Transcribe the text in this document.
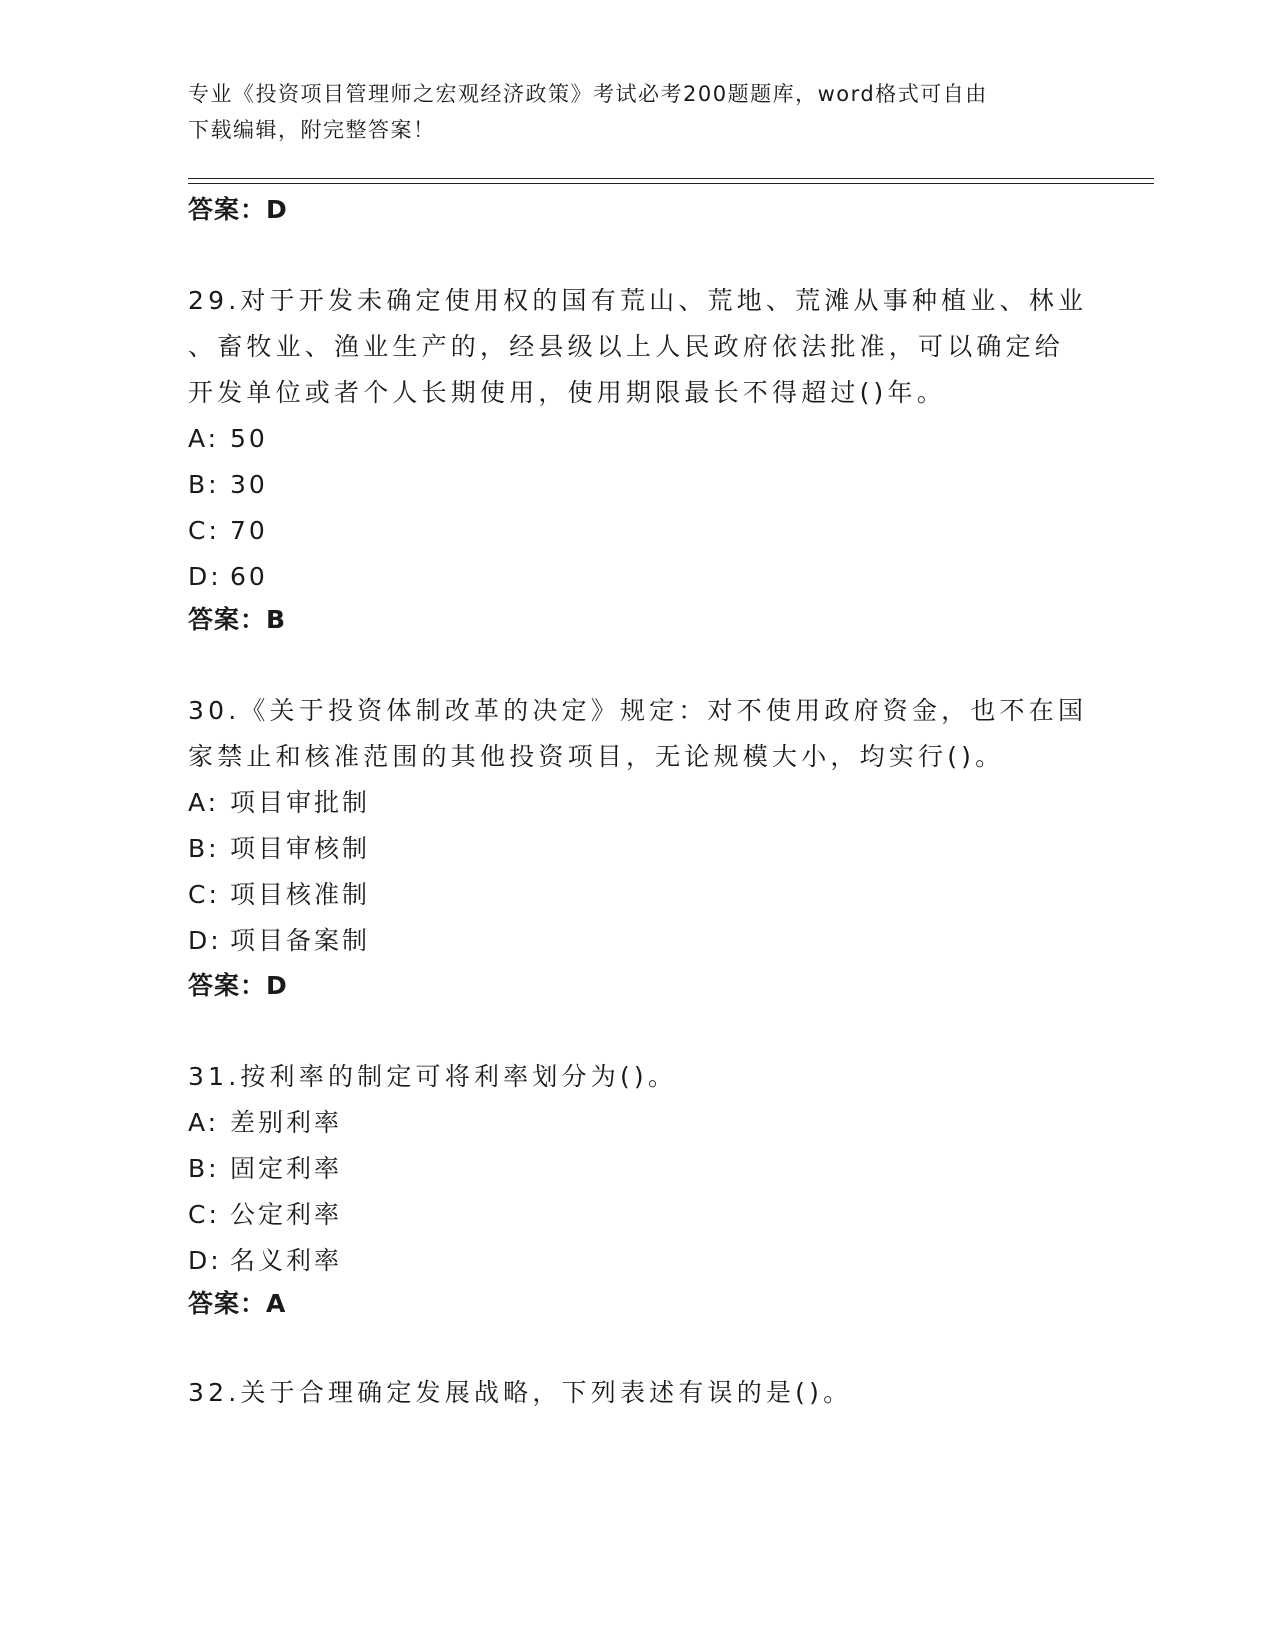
专业《投资项目管理师之宏观经济政策》考试必考200题题库，word格式可自由
下载编辑，附完整答案！
答案：D
29.对于开发未确定使用权的国有荒山、荒地、荒滩从事种植业、林业
、畜牧业、渔业生产的，经县级以上人民政府依法批准，可以确定给
开发单位或者个人长期使用，使用期限最长不得超过()年。
A: 50
B: 30
C: 70
D: 60
答案：B
30.《关于投资体制改革的决定》规定：对不使用政府资金，也不在国
家禁止和核准范围的其他投资项目，无论规模大小，均实行()。
A: 项目审批制
B: 项目审核制
C: 项目核准制
D: 项目备案制
答案：D
31.按利率的制定可将利率划分为()。
A: 差别利率
B: 固定利率
C: 公定利率
D: 名义利率
答案：A
32.关于合理确定发展战略，下列表述有误的是()。
